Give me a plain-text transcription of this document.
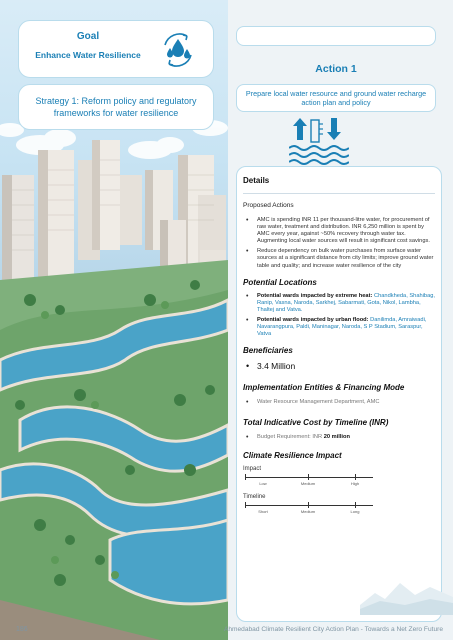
Goal
Enhance Water Resilience
Strategy 1: Reform policy and regulatory frameworks for water resilience
Action 1
Prepare local water resource and ground water recharge action plan and policy
Details
Proposed Actions
• AMC is spending INR 11 per thousand-litre water, for procurement of raw water, treatment and distribution. INR 6,250 million is spent by AMC every year, against ~50% recovery through water tax. Augmenting local water sources will result in significant cost savings.
• Reduce dependency on bulk water purchases from surface water sources at a significant distance from city limits; improve ground water table and quality; and increase water resilience of the city
Potential Locations
• Potential wards impacted by extreme heat: Chandkheda, Shahibag, Ranip, Vasna, Naroda, Sarkhej, Sabarmati, Gota, Nikol, Lambha, Thaltej and Vatva.
• Potential wards impacted by urban flood: Danilimda, Amraiwadi, Navarangpura, Paldi, Maninagar, Naroda, S P Stadium, Saraspur, Vatva
Beneficiaries
• 3.4 Million
Implementation Entities & Financing Mode
• Water Resource Management Department, AMC
Total Indicative Cost by Timeline (INR)
• Budget Requirement: INR 20 million
Climate Resilience Impact
Impact
Low	Medium	High
Timeline
Short	Medium	Long
186	Ahmedabad Climate Resilient City Action Plan - Towards a Net Zero Future
